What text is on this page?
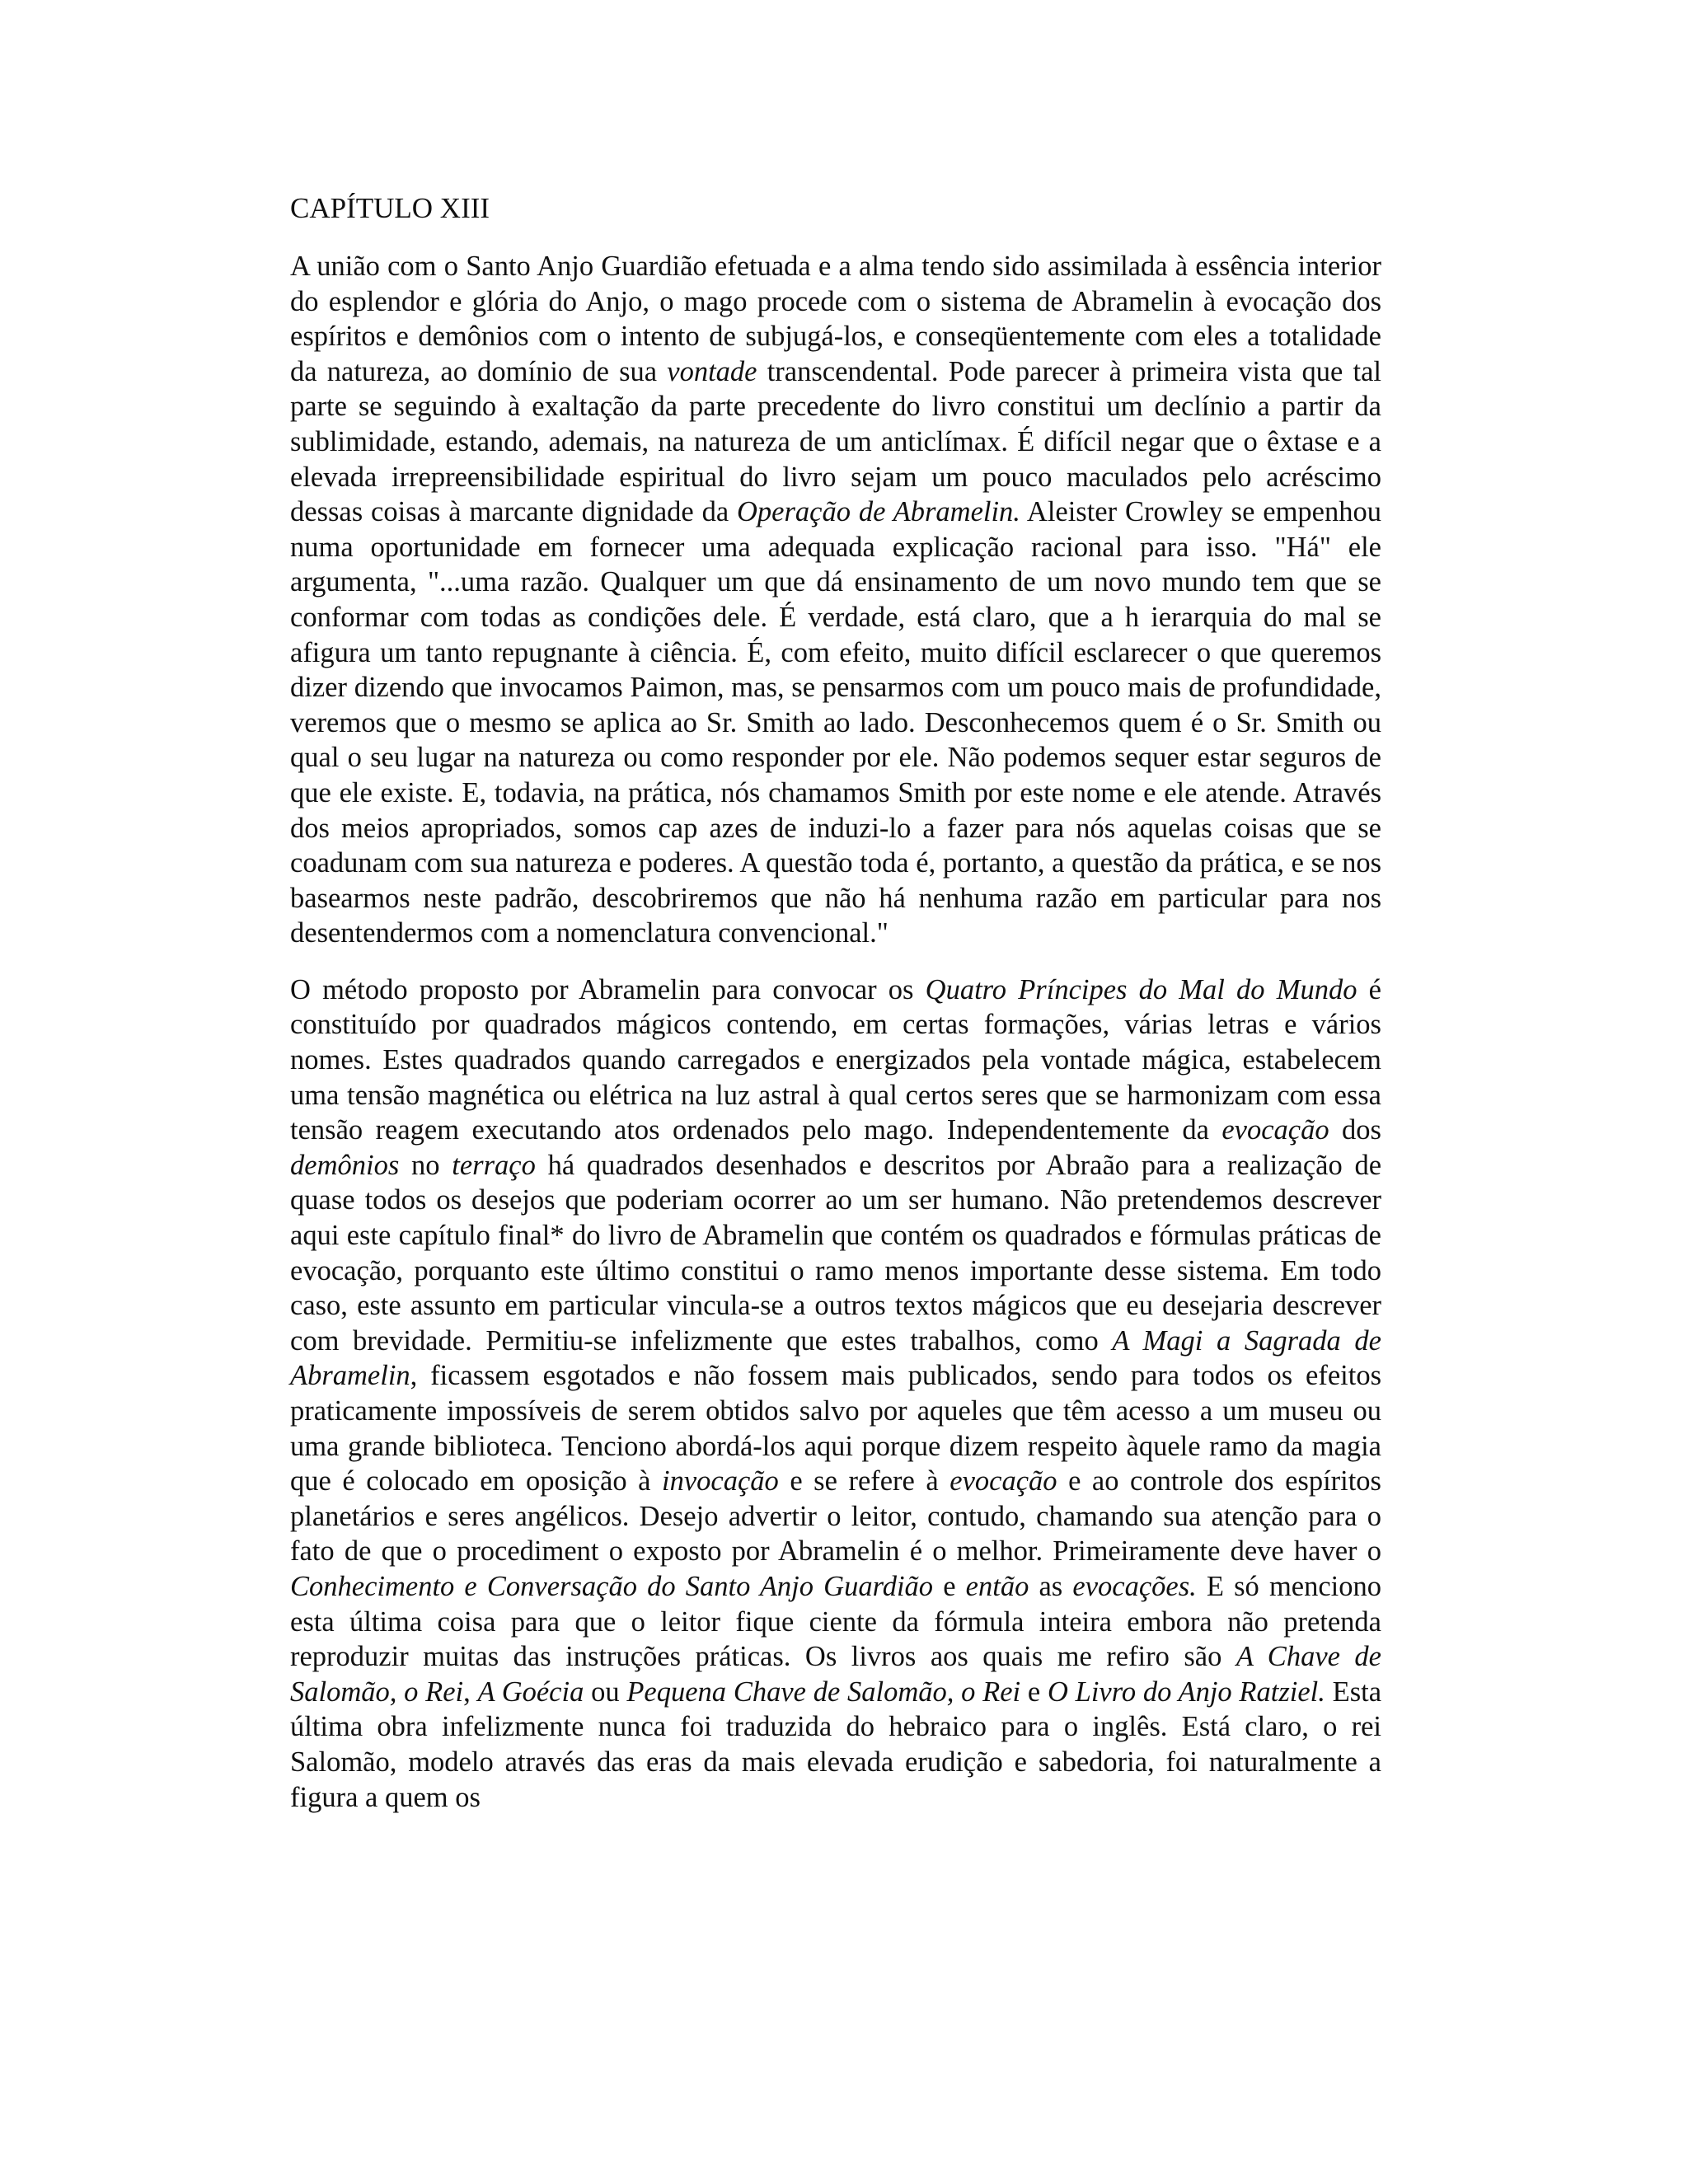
CAPÍTULO XIII

A união com o Santo Anjo Guardião efetuada e a alma tendo sido assimilada à essência interior do esplendor e glória do Anjo, o mago procede com o sistema de Abramelin à evocação dos espíritos e demônios com o intento de subjugá-los, e conseqüentemente com eles a totalidade da natureza, ao domínio de sua vontade transcendental. Pode parecer à primeira vista que tal parte se seguindo à exaltação da parte precedente do livro constitui um declínio a partir da sublimidade, estando, ademais, na natureza de um anticlímax. É difícil negar que o êxtase e a elevada irrepreensibilidade espiritual do livro sejam um pouco maculados pelo acréscimo dessas coisas à marcante dignidade da Operação de Abramelin. Aleister Crowley se empenhou numa oportunidade em fornecer uma adequada explicação racional para isso. "Há" ele argumenta, "...uma razão. Qualquer um que dá ensinamento de um novo mundo tem que se conformar com todas as condições dele. É verdade, está claro, que a h ierarquia do mal se afigura um tanto repugnante à ciência. É, com efeito, muito difícil esclarecer o que queremos dizer dizendo que invocamos Paimon, mas, se pensarmos com um pouco mais de profundidade, veremos que o mesmo se aplica ao Sr. Smith ao lado. Desconhecemos quem é o Sr. Smith ou qual o seu lugar na natureza ou como responder por ele. Não podemos sequer estar seguros de que ele existe. E, todavia, na prática, nós chamamos Smith por este nome e ele atende. Através dos meios apropriados, somos cap azes de induzi-lo a fazer para nós aquelas coisas que se coadunam com sua natureza e poderes. A questão toda é, portanto, a questão da prática, e se nos basearmos neste padrão, descobriremos que não há nenhuma razão em particular para nos desentendermos com a nomenclatura convencional."

O método proposto por Abramelin para convocar os Quatro Príncipes do Mal do Mundo é constituído por quadrados mágicos contendo, em certas formações, várias letras e vários nomes. Estes quadrados quando carregados e energizados pela vontade mágica, estabelecem uma tensão magnética ou elétrica na luz astral à qual certos seres que se harmonizam com essa tensão reagem executando atos ordenados pelo mago. Independentemente da evocação dos demônios no terraço há quadrados desenhados e descritos por Abraão para a realização de quase todos os desejos que poderiam ocorrer ao um ser humano. Não pretendemos descrever aqui este capítulo final* do livro de Abramelin que contém os quadrados e fórmulas práticas de evocação, porquanto este último constitui o ramo menos importante desse sistema. Em todo caso, este assunto em particular vincula-se a outros textos mágicos que eu desejaria descrever com brevidade. Permitiu-se infelizmente que estes trabalhos, como A Magi a Sagrada de Abramelin, ficassem esgotados e não fossem mais publicados, sendo para todos os efeitos praticamente impossíveis de serem obtidos salvo por aqueles que têm acesso a um museu ou uma grande biblioteca. Tenciono abordá-los aqui porque dizem respeito àquele ramo da magia que é colocado em oposição à invocação e se refere à evocação e ao controle dos espíritos planetários e seres angélicos. Desejo advertir o leitor, contudo, chamando sua atenção para o fato de que o procediment o exposto por Abramelin é o melhor. Primeiramente deve haver o Conhecimento e Conversação do Santo Anjo Guardião e então as evocações. E só menciono esta última coisa para que o leitor fique ciente da fórmula inteira embora não pretenda reproduzir muitas das instruções práticas. Os livros aos quais me refiro são A Chave de Salomão, o Rei, A Goécia ou Pequena Chave de Salomão, o Rei e O Livro do Anjo Ratziel. Esta última obra infelizmente nunca foi traduzida do hebraico para o inglês. Está claro, o rei Salomão, modelo através das eras da mais elevada erudição e sabedoria, foi naturalmente a figura a quem os
